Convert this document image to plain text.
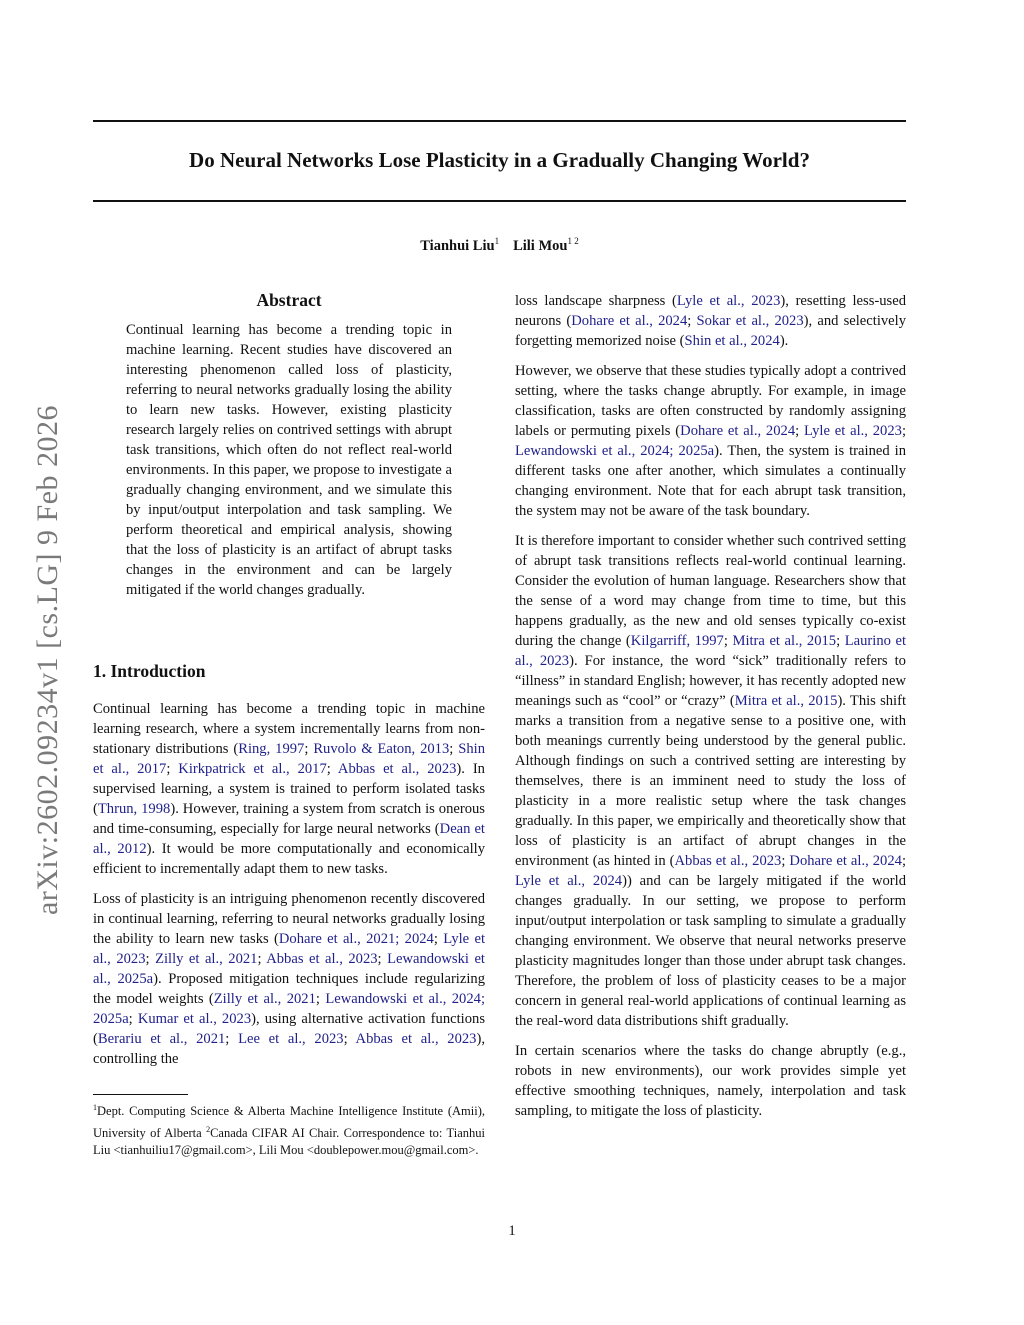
arXiv:2602.09234v1 [cs.LG] 9 Feb 2026
Do Neural Networks Lose Plasticity in a Gradually Changing World?
Tianhui Liu$^1$ Lili Mou$^{1 2}$
Abstract

Continual learning has become a trending topic in machine learning. Recent studies have discovered an interesting phenomenon called loss of plasticity, referring to neural networks gradually losing the ability to learn new tasks. However, existing plasticity research largely relies on contrived settings with abrupt task transitions, which often do not reflect real-world environments. In this paper, we propose to investigate a gradually changing environment, and we simulate this by input/output interpolation and task sampling. We perform theoretical and empirical analysis, showing that the loss of plasticity is an artifact of abrupt tasks changes in the environment and can be largely mitigated if the world changes gradually.

1. Introduction

Continual learning has become a trending topic in machine learning research, where a system incrementally learns from non-stationary distributions (Ring, 1997; Ruvolo & Eaton, 2013; Shin et al., 2017; Kirkpatrick et al., 2017; Abbas et al., 2023). In supervised learning, a system is trained to perform isolated tasks (Thrun, 1998). However, training a system from scratch is onerous and time-consuming, especially for large neural networks (Dean et al., 2012). It would be more computationally and economically efficient to incrementally adapt them to new tasks.

Loss of plasticity is an intriguing phenomenon recently discovered in continual learning, referring to neural networks gradually losing the ability to learn new tasks (Dohare et al., 2021; 2024; Lyle et al., 2023; Zilly et al., 2021; Abbas et al., 2023; Lewandowski et al., 2025a). Proposed mitigation techniques include regularizing the model weights (Zilly et al., 2021; Lewandowski et al., 2024; 2025a; Kumar et al., 2023), using alternative activation functions (Berariu et al., 2021; Lee et al., 2023; Abbas et al., 2023), controlling the

loss landscape sharpness (Lyle et al., 2023), resetting less-used neurons (Dohare et al., 2024; Sokar et al., 2023), and selectively forgetting memorized noise (Shin et al., 2024).

However, we observe that these studies typically adopt a contrived setting, where the tasks change abruptly. For example, in image classification, tasks are often constructed by randomly assigning labels or permuting pixels (Dohare et al., 2024; Lyle et al., 2023; Lewandowski et al., 2024; 2025a). Then, the system is trained in different tasks one after another, which simulates a continually changing environment. Note that for each abrupt task transition, the system may not be aware of the task boundary.

It is therefore important to consider whether such contrived setting of abrupt task transitions reflects real-world continual learning. Consider the evolution of human language. Researchers show that the sense of a word may change from time to time, but this happens gradually, as the new and old senses typically co-exist during the change (Kilgarriff, 1997; Mitra et al., 2015; Laurino et al., 2023). For instance, the word “sick” traditionally refers to “illness” in standard English; however, it has recently adopted new meanings such as “cool” or “crazy” (Mitra et al., 2015). This shift marks a transition from a negative sense to a positive one, with both meanings currently being understood by the general public. Although findings on such a contrived setting are interesting by themselves, there is an imminent need to study the loss of plasticity in a more realistic setup where the task changes gradually. In this paper, we empirically and theoretically show that loss of plasticity is an artifact of abrupt changes in the environment (as hinted in (Abbas et al., 2023; Dohare et al., 2024; Lyle et al., 2024)) and can be largely mitigated if the world changes gradually. In our setting, we propose to perform input/output interpolation or task sampling to simulate a gradually changing environment. We observe that neural networks preserve plasticity magnitudes longer than those under abrupt task changes. Therefore, the problem of loss of plasticity ceases to be a major concern in general real-world applications of continual learning as the real-word data distributions shift gradually.

In certain scenarios where the tasks do change abruptly (e.g., robots in new environments), our work provides simple yet effective smoothing techniques, namely, interpolation and task sampling, to mitigate the loss of plasticity.

$^1$Dept. Computing Science & Alberta Machine Intelligence Institute (Amii), University of Alberta $^2$Canada CIFAR AI Chair. Correspondence to: Tianhui Liu <tianhuiliu17@gmail.com>, Lili Mou <doublepower.mou@gmail.com>.
1
